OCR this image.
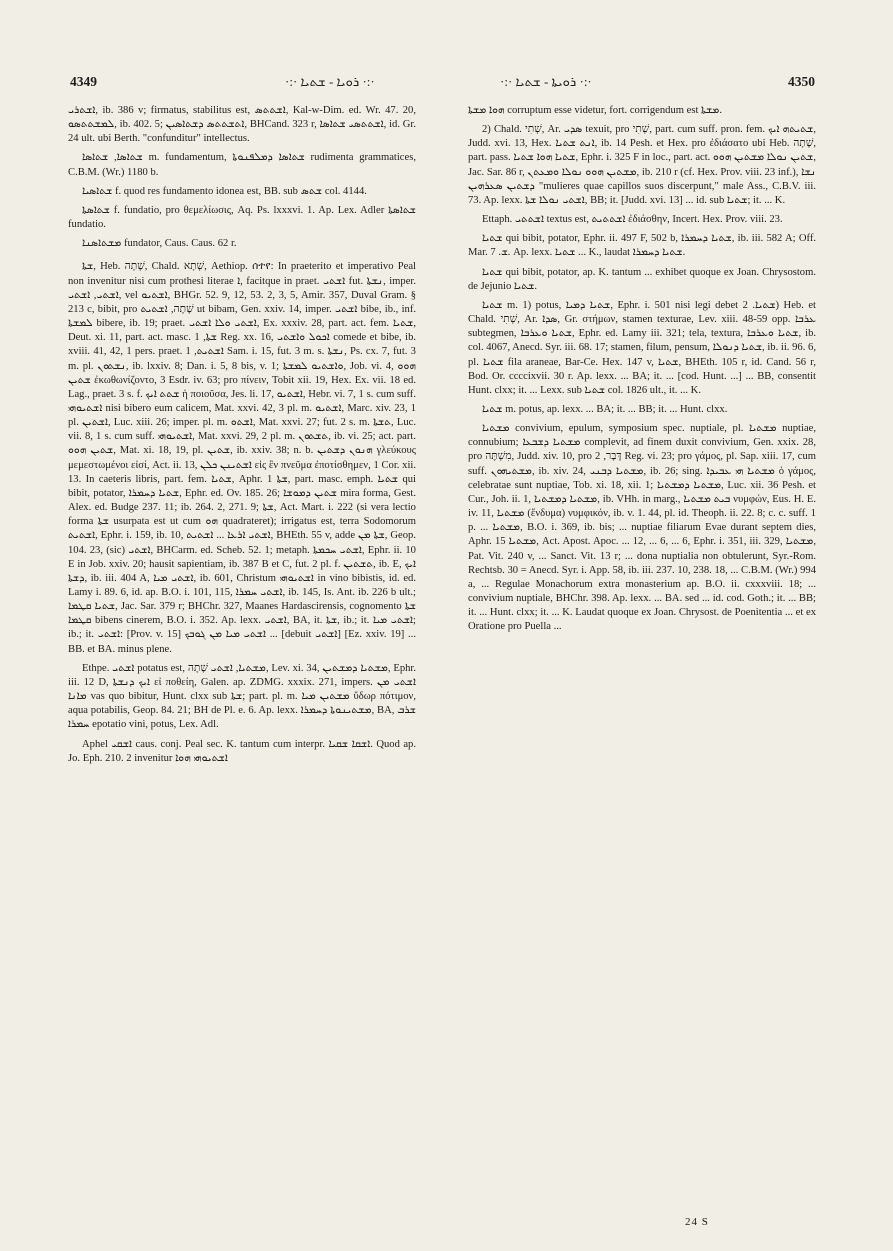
4349	·:· ܪܘܝܐ - ܫܬܝܐ ·:·	·:· ܪܘܝܬܐ - ܫܬܝܐ ·:·	4350

ܐܫܬܪܝ, ib. 386 v; firmatus, stabilitus est, ܐܫܬܬܣ, Kal-w-Dim. ed. Wr. 47. 20, ܠܡܫܬܬܣܘ, ib. 402. 5; ܐܬܫܬܬܣ ܕܫܬܐܣܝܢ, BHCand. 323 r, ܐܫܬܬܣܝ ܫܬܐܣܐ, id. Gr. 24 ult. ubi Berth. "confunditur" intellectus.

ܫܬܐܣܐ, ܫܬܐܣܐ m. fundamentum, ܫܬܐܣܐ ܕܡܠܦܢܘܬܐ rudimenta grammatices, C.B.M. (Wr.) 1180 b.

ܫܬܐܣܝܐ f. quod res fundamento idonea est, BB. sub ܫܬܣ col. 4144.

ܫܬܐܣܬܐ f. fundatio, pro θεμελίωσις, Aq. Ps. lxxxvi. 1. Ap. Lex. Adler ܫܬܐܣܬܐ fundatio.

ܡܫܬܐܣܢܐ fundator, Caus. Caus. 62 r.

ܫܬܐ, Heb. שָׁתָה, Chald. שְׁתָא, Aethiop. ሰተየ: In praeterito et imperativo Peal non invenitur nisi cum prothesi literae ܐ, facitque in praet. ܐܫܬܝ fut. ܢܫܬܐ, imper. ܐܫܬܝ, ܐܫܬܝ, vel ܐܫܬܝܘ, BHGr. 52. 9, 12, 53. 2, 3, 5, Amir. 357, Duval Gram. § 213 c, bibit, pro שָׁתָה, ܐܫܬܝܬ ut bibam, Gen. xxiv. 14, imper. ܐܫܬܝ bibe, ib., inf. ܠܡܫܬܐ bibere, ib. 19; praet. ܐܫܬܝ ܘܠܐ ܐܫܬܝ, Ex. xxxiv. 28, part. act. fem. ܫܬܝܐ, Deut. xi. 11, part. act. masc. ܫܬܐ, 1 Reg. xx. 16, ܐܟܘܠ ܘܐܫܬܝ comede et bibe, ib. xviii. 41, 42, 1 pers. praet. ܐܫܬܝܬ, 1 Sam. i. 15, fut. 3 m. s. ܢܫܬܐ, Ps. cx. 7, fut. 3 m. pl. ܢܫܬܘܢ, ib. lxxiv. 8; Dan. i. 5, 8 bis, v. 1; ܘܐܫܬܝܘ ܠܡܫܬܐ, Job. vi. 4, ܗܘܘ ܫܬܝܢ ἐκωθωνίζοντο, 3 Esdr. iv. 63; pro πίνειν, Tobit xii. 19, Hex. Ex. vii. 18 ed. Lag., praet. 3 s. f. ܫܬܬ ܐܝܟ ἡ ποιοῦσα, Jes. li. 17, ܐܫܬܝܘ, Hebr. vi. 7, 1 s. cum suff. ܐܫܬܝܘܗܝ nisi bibero eum calicem, Mat. xxvi. 42, 3 pl. m. ܐܫܬܝܘ, Marc. xiv. 23, 1 pl. ܐܫܬܝܢ, Luc. xiii. 26; imper. pl. m. ܐܫܬܘ, Mat. xxvi. 27; fut. 2 s. m. ܬܫܬܐ, Luc. vii. 8, 1 s. cum suff. ܐܫܬܝܘܗܝ, Mat. xxvi. 29, 2 pl. m. ܬܫܬܘܢ, ib. vi. 25; act. part. ܫܬܝܢ ܗܘܘ, Mat. xi. 18, 19, pl. ܫܬܝܢ, ib. xxiv. 38; n. b. ܗܢܘܢ ܕܫܬܝܢ γλεύκους μεμεστωμένοι εἰσί, Act. ii. 13, ܐܫܬܝܢܢ ܟܠܢ εἰς ἓν πνεῦμα ἐποτίσθημεν, 1 Cor. xii. 13. In caeteris libris, part. fem. ܫܬܝܐ, Aphr. ܫܬܐ 1, part. masc. emph. ܫܬܝܐ qui bibit, potator, ܫܬܝܐ ܕܚܡܪܐ, Ephr. ed. Ov. 185. 26; ܫܬܝܢ ܕܡܘܫܐ mira forma, Gest. Alex. ed. Budge 237. 11; ib. 264. 2, 271. 9; ܫܬܐ, Act. Mart. i. 222 (si vera lectio forma ܫܬܐ usurpata est ut cum ܗܘ quadrateret); irrigatus est, terra Sodomorum ܐܫܬܝܬ, Ephr. i. 159, ib. 10, ܐܫܬܝ ܐܪܥܐ ... ܐܫܬܝܬ, BHEth. 55 v, adde ܫܬܐ ܡܢ, Geop. 104. 23, (sic) ܐܫܬܝ, BHCarm. ed. Scheb. 52. 1; metaph. ܐܫܬܝ ܚܟܡܬܐ, Ephr. ii. 10 E in Job. xxiv. 20; hausit sapientiam, ib. 387 B et C, fut. 2 pl. f. ܬܫܬܝܢ, ib. E, ܐܝܟ ܕܫܬܐ, ib. iii. 404 A, ܐܫܬܝ ܡܝܐ, ib. 601, Christum ܐܫܬܝܘܗܝ in vino bibistis, id. ed. Lamy i. 89. 6, id. ap. B.O. i. 101, 115, ܐܫܬܝ ܚܡܪܐ, ib. 145, Is. Ant. ib. 226 b ult.; ܫܬܝܐ ܩܛܡܐ, Jac. Sar. 379 r; BHChr. 327, Maanes Hardascirensis, cognomento ܫܬܐ ܩܛܡܐ bibens cinerem, B.O. i. 352. Ap. lexx. ܐܫܬܝ, BA, it. ܫܬܐ, ib.; it. ܐܫܬܝ ܡܝܐ; ib.; it. ܐܫܬܝ: [Prov. v. 15] ܐܫܬܝ ܡܝܐ ܡܢ ܓܘܒܟ ... [debuit ܐܫܬܝ] [Ez. xxiv. 19] ... BB. et BA. minus plene.

Ethpe. ܐܫܬܝ potatus est, ܡܫܬܝܐ, ܐܫܬܝ שָׁתָה, Lev. xi. 34, ܡܫܬܝܐ ܕܡܫܬܝܢ, Ephr. iii. 12 D, ܐܝܟ ܕܢܫܬܐ εἰ ποθείη, Galen. ap. ZDMG. xxxix. 271, impers. ܐܫܬܝ ܡܢ ܡܐܢܐ vas quo bibitur, Hunt. clxx sub ܫܬܐ; part. pl. m. ܡܫܬܝܢ ܡܝܐ ὕδωρ πότιμον, aqua potabilis, Geop. 84. 21; BH de Pl. e. 6. Ap. lexx. ܡܫܬܝܢܘܬܐ ܕܚܡܪܐ, BA, ܫܪܒ ܚܡܪܐ epotatio vini, potus, Lex. Adl.

Aphel ܐܫܩܝ caus. conj. Peal sec. K. tantum cum interpr. ܐܫܩܐ ܫܩܝܐ. Quod ap. Jo. Eph. 210. 2 invenitur ܐܫܬܝܘܗܝ ܗܘܐ

ܗܘܐ ܡܫܬܐ corruptum esse videtur, fort. corrigendum est ܡܫܬܐ.

2) Chald. שְׁתִי, Ar. ܣܕܝ texuit, pro שְׁתִי, part. cum suff. pron. fem. ܫܬܝܬܗ ܐܝܟ, Judd. xvi. 13, Hex. ܐܢܬ ܫܬܝܐ, ib. 14 Pesh. et Hex. pro ἐδιάσατο ubi Heb. שָׁתָה, part. pass. ܫܬܝܐ ܗܘܐ ܫܬܝܐ, Ephr. i. 325 F in loc., part. act. ܫܬܝܢ ܢܘܠܐ ܡܫܬܝܢ ܗܘܘ, Jac. Sar. 86 r, ܡܫܬܝܢ ܗܘܘ ܢܘܠܐ ܘܡܥܬܢ, ib. 210 r (cf. Hex. Prov. viii. 23 inf.), ܢܫܐ ܕܫܬܝܢ ܣܥܪܗܝܢ "mulieres quae capillos suos discerpunt," male Ass., C.B.V. iii. 73. Ap. lexx. ܐܫܬܝ ܢܘܠܐ ܫܬܐ, BB; it. [Judd. xvi. 13] ... id. sub ܫܬܝܐ; it. ... K.

Ettaph. ܐܫܬܬܝ textus est, ܐܫܬܬܝܬ ἐδιάσθην, Incert. Hex. Prov. viii. 23.

ܫܬܝܐ qui bibit, potator, Ephr. ii. 497 F, 502 b, ܫܬܝܐ ܕܚܡܪܐ, ib. iii. 582 A; Off. Mar. ܫ. 7. Ap. lexx. ܫܬܝܐ ... K., laudat ܫܬܝܐ ܕܚܡܪܐ.

ܫܬܝܐ qui bibit, potator, ap. K. tantum ... exhibet quoque ex Joan. Chrysostom. de Jejunio ܫܬܝܐ.

ܫܬܝܐ m. 1) potus, ܫܬܝܐ ܕܡܝܐ, Ephr. i. 501 nisi legi debet ܫܬܝܐ. 2) Heb. et Chald. שְׁתִי, Ar. ܣܕܐ, Gr. στήμων, stamen texturae, Lev. xiii. 48-59 opp. ܥܪܒܐ subtegmen, ܫܬܝܐ ܘܥܪܒܐ, Ephr. ed. Lamy iii. 321; tela, textura, ܫܬܝܐ ܘܥܪܒܐ, ib. col. 4067, Anecd. Syr. iii. 68. 17; stamen, filum, pensum, ܫܬܝܐ ܕܢܘܠܐ, ib. ii. 96. 6, pl. ܫܬܝܐ fila araneae, Bar-Ce. Hex. 147 v, ܫܬܝܐ, BHEth. 105 r, id. Cand. 56 r, Bod. Or. ccccixvii. 30 r. Ap. lexx. ... BA; it. ... [cod. Hunt. ...] ... BB, consentit Hunt. clxx; it. ... Lexx. sub ܫܬܝܐ col. 1826 ult., it. ... K.

ܫܬܝܐ m. potus, ap. lexx. ... BA; it. ... BB; it. ... Hunt. clxx.

ܡܫܬܝܐ convivium, epulum, symposium spec. nuptiale, pl. ܡܫܬܝܐ nuptiae, connubium; ܡܫܬܝܐ ܕܫܒܥܐ complevit, ad finem duxit convivium, Gen. xxix. 28, pro מִשְׁתֶּה, Judd. xiv. 10, pro דָּבָר, 2 Reg. vi. 23; pro γάμος, pl. Sap. xiii. 17, cum suff. ܡܫܬܝܗܘܢ, ib. xiv. 24, ܡܫܬܝܐ ܕܒܢܝ, ib. 26; sing. ܡܫܬܝܐ ܗܝ ܥܒܝܕܐ ὁ γάμος, celebratae sunt nuptiae, Tob. xi. 18, xii. 1; ܡܫܬܝܐ ܕܡܫܬܝܐ, Luc. xii. 36 Pesh. et Cur., Joh. ii. 1, ܡܫܬܝܐ ܕܡܫܬܝܐ, ib. VHh. in marg., ܒܝܬ ܡܫܬܝܐ νυμφών, Eus. H. E. iv. 11, ܡܫܬܝܐ (ἔνδυμα) νυμφικόν, ib. v. 1. 44, pl. id. Theoph. ii. 22. 8; c. c. suff. 1 p. ... ܡܫܬܝܐ, B.O. i. 369, ib. bis; ... nuptiae filiarum Evae durant septem dies, Aphr. ܡܫܬܝܐ 15, Act. Apost. Apoc. ... 12, ... 6, ... 6, Ephr. i. 351, iii. 329, ܡܫܬܝܐ, Pat. Vit. 240 v, ... Sanct. Vit. 13 r; ... dona nuptialia non obtulerunt, Syr.-Rom. Rechtsb. 30 = Anecd. Syr. i. App. 58, ib. iii. 237. 10, 238. 18, ... C.B.M. (Wr.) 994 a, ... Regulae Monachorum extra monasterium ap. B.O. ii. cxxxviii. 18; ... convivium nuptiale, BHChr. 398. Ap. lexx. ... BA. sed ... id. cod. Goth.; it. ... BB; it. ... Hunt. clxx; it. ... K. Laudat quoque ex Joan. Chrysost. de Poenitentia ... et ex Oratione pro Puella ...

24 S
